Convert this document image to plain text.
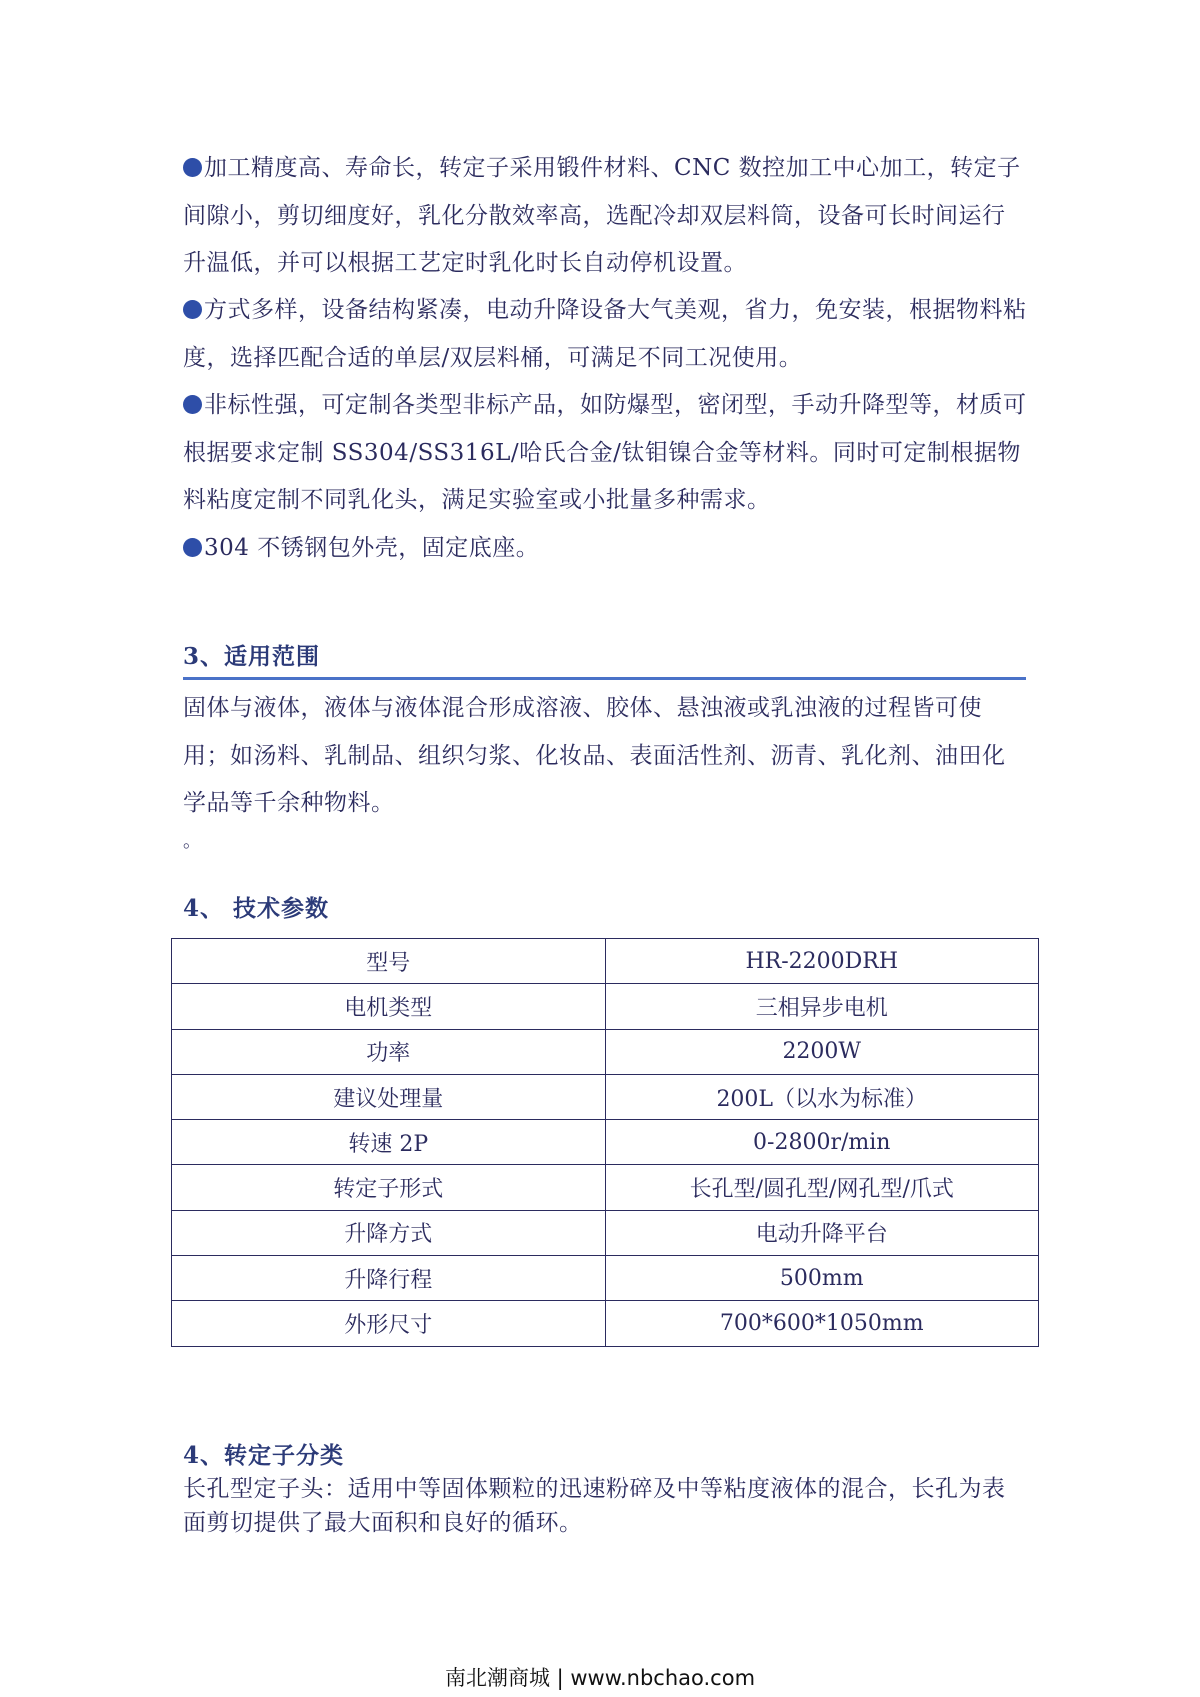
加工精度高、寿命长，转定子采用锻件材料、CNC 数控加工中心加工，转定子间隙小，剪切细度好，乳化分散效率高，选配冷却双层料筒，设备可长时间运行升温低，并可以根据工艺定时乳化时长自动停机设置。
方式多样，设备结构紧凑，电动升降设备大气美观，省力，免安装，根据物料粘度，选择匹配合适的单层/双层料桶，可满足不同工况使用。
非标性强，可定制各类型非标产品，如防爆型，密闭型，手动升降型等，材质可根据要求定制 SS304/SS316L/哈氏合金/钛钼镍合金等材料。同时可定制根据物料粘度定制不同乳化头，满足实验室或小批量多种需求。
304 不锈钢包外壳，固定底座。
3、适用范围
固体与液体，液体与液体混合形成溶液、胶体、悬浊液或乳浊液的过程皆可使用；如汤料、乳制品、组织匀浆、化妆品、表面活性剂、沥青、乳化剂、油田化学品等千余种物料。
。
4、 技术参数
型号	HR-2200DRH
电机类型	三相异步电机
功率	2200W
建议处理量	200L（以水为标准）
转速 2P	0-2800r/min
转定子形式	长孔型/圆孔型/网孔型/爪式
升降方式	电动升降平台
升降行程	500mm
外形尺寸	700*600*1050mm
4、转定子分类
长孔型定子头：适用中等固体颗粒的迅速粉碎及中等粘度液体的混合，长孔为表面剪切提供了最大面积和良好的循环。
南北潮商城 | www.nbchao.com
